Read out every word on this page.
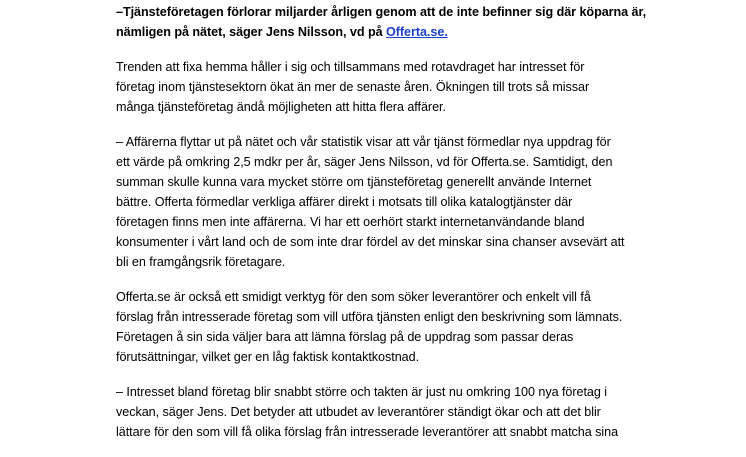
–Tjänsteföretagen förlorar miljarder årligen genom att de inte befinner sig där köparna är,
nämligen på nätet, säger Jens Nilsson, vd på Offerta.se.

Trenden att fixa hemma håller i sig och tillsammans med rotavdraget har intresset för
företag inom tjänstesektorn ökat än mer de senaste åren. Ökningen till trots så missar
många tjänsteföretag ändå möjligheten att hitta flera affärer.

– Affärerna flyttar ut på nätet och vår statistik visar att vår tjänst förmedlar nya uppdrag för
ett värde på omkring 2,5 mdkr per år, säger Jens Nilsson, vd för Offerta.se. Samtidigt, den
summan skulle kunna vara mycket större om tjänsteföretag generellt använde Internet
bättre. Offerta förmedlar verkliga affärer direkt i motsats till olika katalogtjänster där
företagen finns men inte affärerna. Vi har ett oerhört starkt internetanvändande bland
konsumenter i vårt land och de som inte drar fördel av det minskar sina chanser avsevärt att
bli en framgångsrik företagare.

Offerta.se är också ett smidigt verktyg för den som söker leverantörer och enkelt vill få
förslag från intresserade företag som vill utföra tjänsten enligt den beskrivning som lämnats.
Företagen å sin sida väljer bara att lämna förslag på de uppdrag som passar deras
förutsättningar, vilket ger en låg faktisk kontaktkostnad.

– Intresset bland företag blir snabbt större och takten är just nu omkring 100 nya företag i
veckan, säger Jens. Det betyder att utbudet av leverantörer ständigt ökar och att det blir
lättare för den som vill få olika förslag från intresserade leverantörer att snabbt matcha sina
